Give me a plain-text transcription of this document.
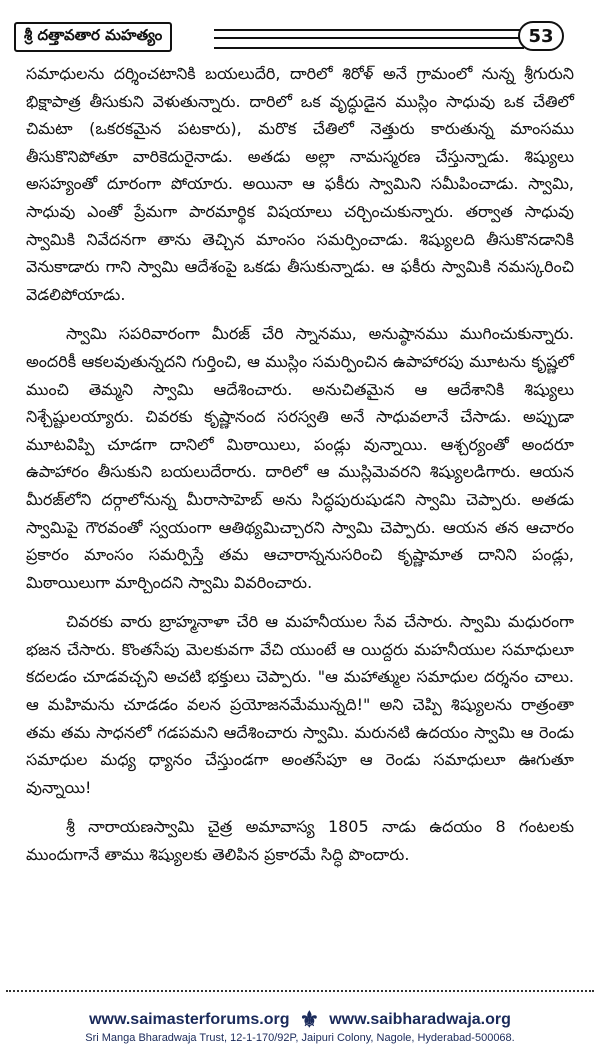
శ్రీ దత్తావతార మహత్యం	53

సమాధులను దర్శించటానికి బయలుదేరి, దారిలో శిరోళ్ అనే గ్రామంలో నున్న శ్రీగురుని భిక్షాపాత్ర తీసుకుని వెళుతున్నారు. దారిలో ఒక వృద్ధుడైన ముస్లిం సాధువు ఒక చేతిలో చిమటా (ఒకరకమైన పటకారు), మరొక చేతిలో నెత్తురు కారుతున్న మాంసము తీసుకొనిపోతూ వారికెదురైనాడు. అతడు అల్లా నామస్మరణ చేస్తున్నాడు. శిష్యులు అసహ్యంతో దూరంగా పోయారు. అయినా ఆ ఫకీరు స్వామిని సమీపించాడు. స్వామి, సాధువు ఎంతో ప్రేమగా పారమార్థిక విషయాలు చర్చించుకున్నారు. తర్వాత సాధువు స్వామికి నివేదనగా తాను తెచ్చిన మాంసం సమర్పించాడు. శిష్యులది తీసుకొనడానికి వెనుకాడారు గాని స్వామి ఆదేశంపై ఒకడు తీసుకున్నాడు. ఆ ఫకీరు స్వామికి నమస్కరించి వెడలిపోయాడు.

స్వామి సపరివారంగా మీరజ్ చేరి స్నానము, అనుష్ఠానము ముగించుకున్నారు. అందరికీ ఆకలవుతున్నదని గుర్తించి, ఆ ముస్లిం సమర్పించిన ఉపాహారపు మూటను కృష్ణలో ముంచి తెమ్మని స్వామి ఆదేశించారు. అనుచితమైన ఆ ఆదేశానికి శిష్యులు నిశ్చేష్టులయ్యారు. చివరకు కృష్ణానంద సరస్వతి అనే సాధువలానే చేసాడు. అప్పుడా మూటవిప్పి చూడగా దానిలో మిఠాయిలు, పండ్లు వున్నాయి. ఆశ్చర్యంతో అందరూ ఉపాహారం తీసుకుని బయలుదేరారు. దారిలో ఆ ముస్లిమెవరని శిష్యులడిగారు. ఆయన మీరజ్‌లోని దర్గాలోనున్న మీరాసాహెబ్ అను సిద్ధపురుషుడని స్వామి చెప్పారు. అతడు స్వామిపై గౌరవంతో స్వయంగా ఆతిథ్యమిచ్చారని స్వామి చెప్పారు. ఆయన తన ఆచారం ప్రకారం మాంసం సమర్పిస్తే తమ ఆచారాన్ననుసరించి కృష్ణామాత దానిని పండ్లు, మిఠాయిలుగా మార్చిందని స్వామి వివరించారు.

చివరకు వారు బ్రాహ్మనాళా చేరి ఆ మహనీయుల సేవ చేసారు. స్వామి మధురంగా భజన చేసారు. కొంతసేపు మెలకువగా వేచి యుంటే ఆ యిద్దరు మహనీయుల సమాధులూ కదలడం చూడవచ్చని అచటి భక్తులు చెప్పారు. "ఆ మహాత్ముల సమాధుల దర్శనం చాలు. ఆ మహిమను చూడడం వలన ప్రయోజనమేమున్నది!" అని చెప్పి శిష్యులను రాత్రంతా తమ తమ సాధనలో గడపమని ఆదేశించారు స్వామి. మరునటి ఉదయం స్వామి ఆ రెండు సమాధుల మధ్య ధ్యానం చేస్తుండగా అంతసేపూ ఆ రెండు సమాధులూ ఊగుతూ వున్నాయి!

శ్రీ నారాయణస్వామి చైత్ర అమావాస్య 1805 నాడు ఉదయం 8 గంటలకు ముందుగానే తాము శిష్యులకు తెలిపిన ప్రకారమే సిద్ధి పొందారు.

www.saimasterforums.org ⚜ www.saibharadwaja.org
Sri Manga Bharadwaja Trust, 12-1-170/92P, Jaipuri Colony, Nagole, Hyderabad-500068.
